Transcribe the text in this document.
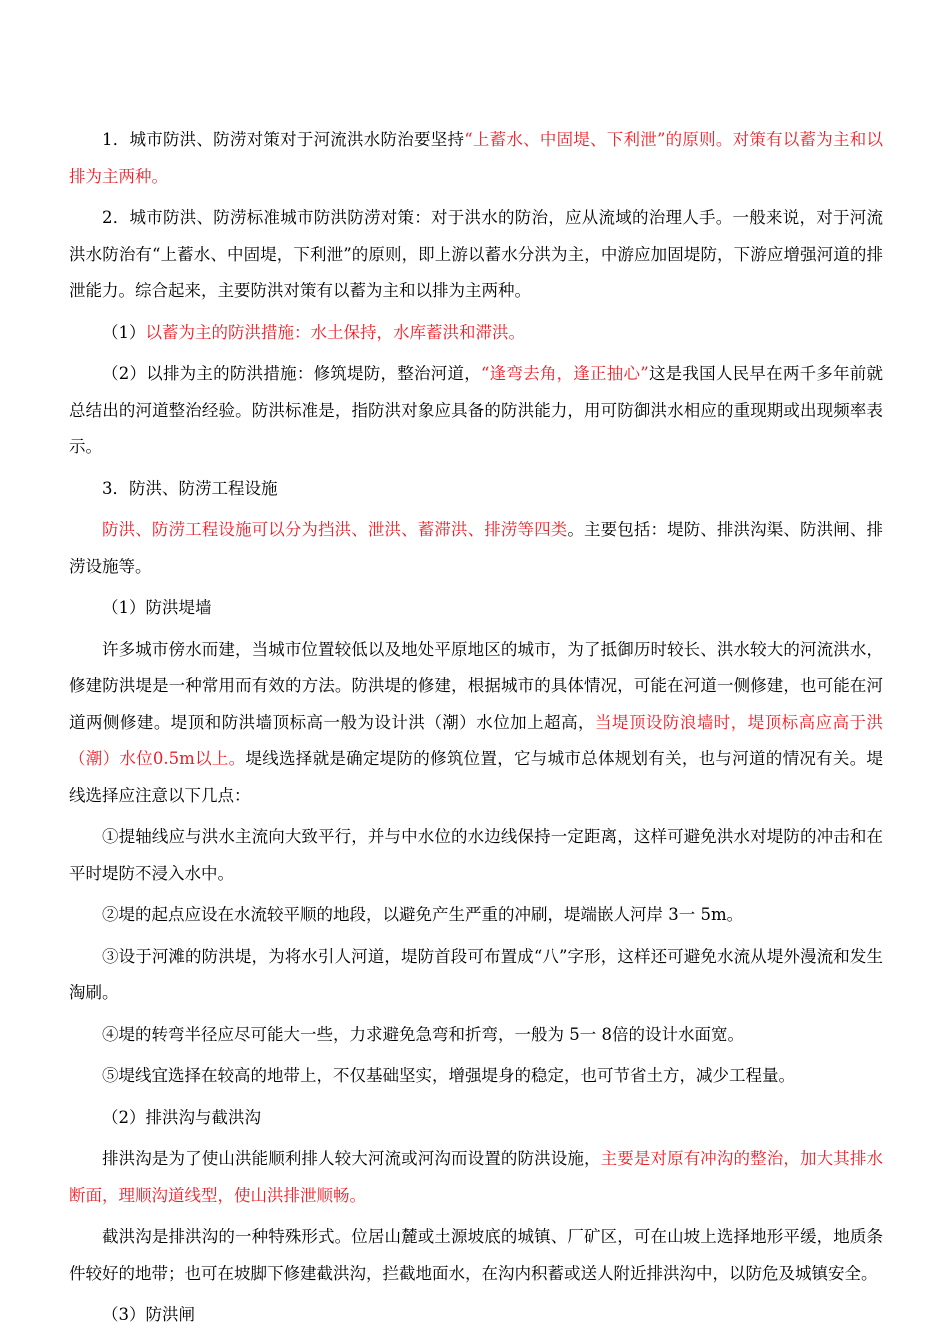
1．城市防洪、防涝对策对于河流洪水防治要坚持“上蓄水、中固堤、下利泄”的原则。对策有以蓄为主和以排为主两种。

2．城市防洪、防涝标准城市防洪防涝对策：对于洪水的防治，应从流域的治理人手。一般来说，对于河流洪水防治有“上蓄水、中固堤，下利泄”的原则，即上游以蓄水分洪为主，中游应加固堤防，下游应增强河道的排泄能力。综合起来，主要防洪对策有以蓄为主和以排为主两种。

（1）以蓄为主的防洪措施：水土保持，水库蓄洪和滞洪。

（2）以排为主的防洪措施：修筑堤防，整治河道，“逢弯去角，逢正抽心”这是我国人民早在两千多年前就总结出的河道整治经验。防洪标准是，指防洪对象应具备的防洪能力，用可防御洪水相应的重现期或出现频率表示。

3．防洪、防涝工程设施

防洪、防涝工程设施可以分为挡洪、泄洪、蓄滞洪、排涝等四类。主要包括：堤防、排洪沟渠、防洪闸、排涝设施等。

（1）防洪堤墙

许多城市傍水而建，当城市位置较低以及地处平原地区的城市，为了抵御历时较长、洪水较大的河流洪水，修建防洪堤是一种常用而有效的方法。防洪堤的修建，根据城市的具体情况，可能在河道一侧修建，也可能在河道两侧修建。堤顶和防洪墙顶标高一般为设计洪（潮）水位加上超高，当堤顶设防浪墙时，堤顶标高应高于洪（潮）水位0.5m以上。堤线选择就是确定堤防的修筑位置，它与城市总体规划有关，也与河道的情况有关。堤线选择应注意以下几点：

①提轴线应与洪水主流向大致平行，并与中水位的水边线保持一定距离，这样可避免洪水对堤防的冲击和在平时堤防不浸入水中。

②堤的起点应设在水流较平顺的地段，以避免产生严重的冲刷，堤端嵌人河岸 3一 5m。

③设于河滩的防洪堤，为将水引人河道，堤防首段可布置成“八”字形，这样还可避免水流从堤外漫流和发生淘刷。

④堤的转弯半径应尽可能大一些，力求避免急弯和折弯，一般为 5一 8倍的设计水面宽。

⑤堤线宜选择在较高的地带上，不仅基础坚实，增强堤身的稳定，也可节省土方，减少工程量。

（2）排洪沟与截洪沟

排洪沟是为了使山洪能顺利排人较大河流或河沟而设置的防洪设施，主要是对原有冲沟的整治，加大其排水断面，理顺沟道线型，使山洪排泄顺畅。

截洪沟是排洪沟的一种特殊形式。位居山麓或土源坡底的城镇、厂矿区，可在山坡上选择地形平缓，地质条件较好的地带；也可在坡脚下修建截洪沟，拦截地面水，在沟内积蓄或送人附近排洪沟中，以防危及城镇安全。

（3）防洪闸
